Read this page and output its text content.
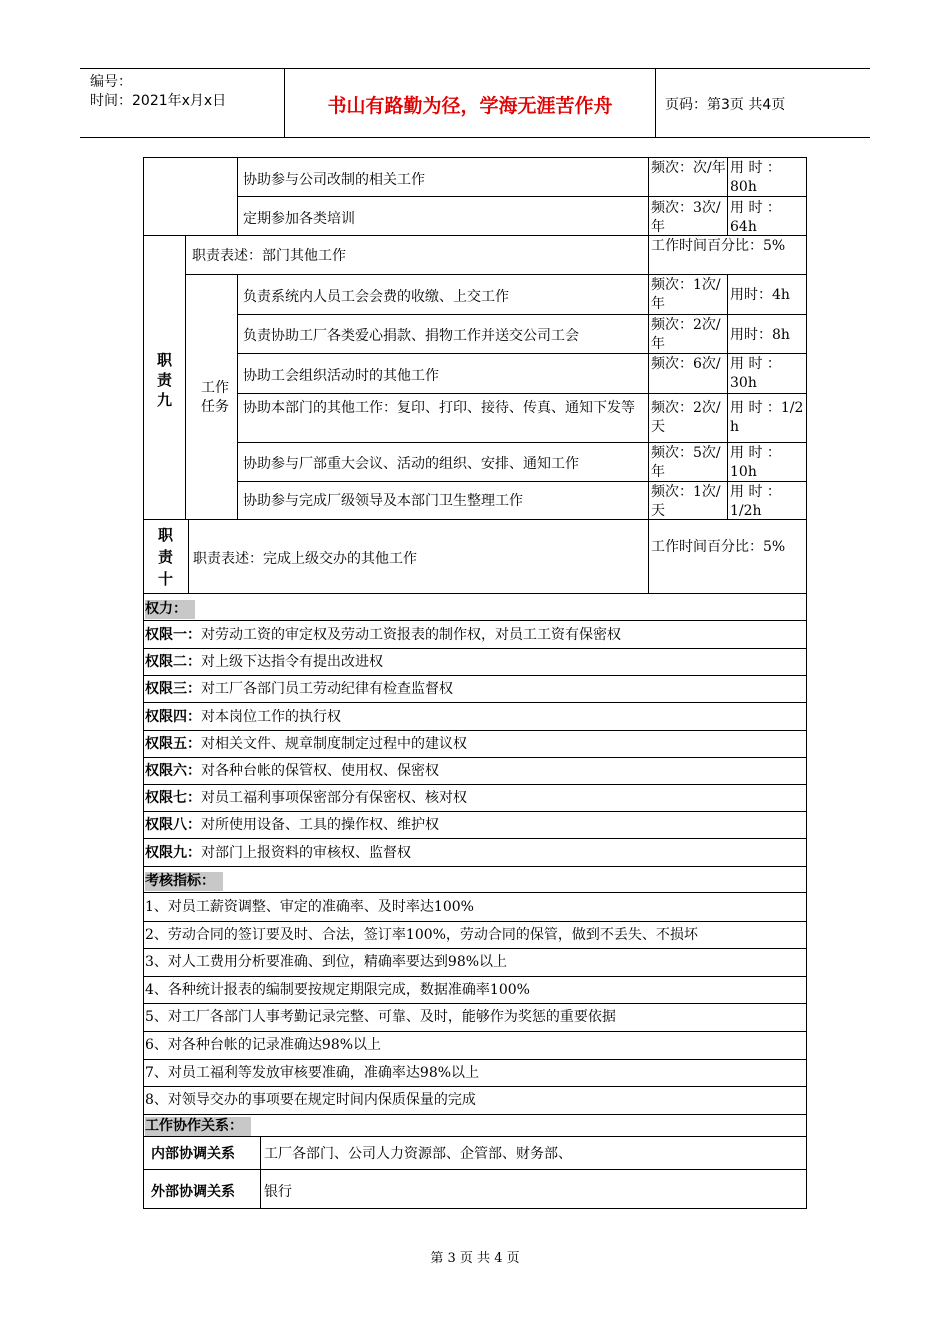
编号：
时间：2021年x月x日	书山有路勤为径，学海无涯苦作舟	页码：第3页 共4页
协助参与公司改制的相关工作
频次：次/年 用 时 ：80h
定期参加各类培训
频次：3次/年
用 时 ：64h
职责九
职责表述：部门其他工作
工作时间百分比：5%
工作任务
负责系统内人员工会会费的收缴、上交工作
频次：1次/年
用时：4h
负责协助工厂各类爱心捐款、捐物工作并送交公司工会
频次：2次/年
用时：8h
协助工会组织活动时的其他工作
频次：6次/ 用 时 ：30h
协助本部门的其他工作：复印、打印、接待、传真、通知下发等	频次：2次/天
用 时 ：1/2 h
协助参与厂部重大会议、活动的组织、安排、通知工作
频次：5次/年
用 时 ：10h
协助参与完成厂级领导及本部门卫生整理工作
频次：1次/天
用 时 ：1/2h
职责十
职责表述：完成上级交办的其他工作
工作时间百分比：5%
权力：
权限一：对劳动工资的审定权及劳动工资报表的制作权，对员工工资有保密权
权限二：对上级下达指令有提出改进权
权限三：对工厂各部门员工劳动纪律有检查监督权
权限四：对本岗位工作的执行权
权限五：对相关文件、规章制度制定过程中的建议权
权限六：对各种台帐的保管权、使用权、保密权
权限七：对员工福利事项保密部分有保密权、核对权
权限八：对所使用设备、工具的操作权、维护权
权限九：对部门上报资料的审核权、监督权
考核指标：
1、对员工薪资调整、审定的准确率、及时率达100%
2、劳动合同的签订要及时、合法，签订率100%，劳动合同的保管，做到不丢失、不损坏
3、对人工费用分析要准确、到位，精确率要达到98%以上
4、各种统计报表的编制要按规定期限完成，数据准确率100%
5、对工厂各部门人事考勤记录完整、可靠、及时，能够作为奖惩的重要依据
6、对各种台帐的记录准确达98%以上
7、对员工福利等发放审核要准确，准确率达98%以上
8、对领导交办的事项要在规定时间内保质保量的完成
工作协作关系：
内部协调关系	工厂各部门、公司人力资源部、企管部、财务部、
外部协调关系	银行
第 3 页 共 4 页
